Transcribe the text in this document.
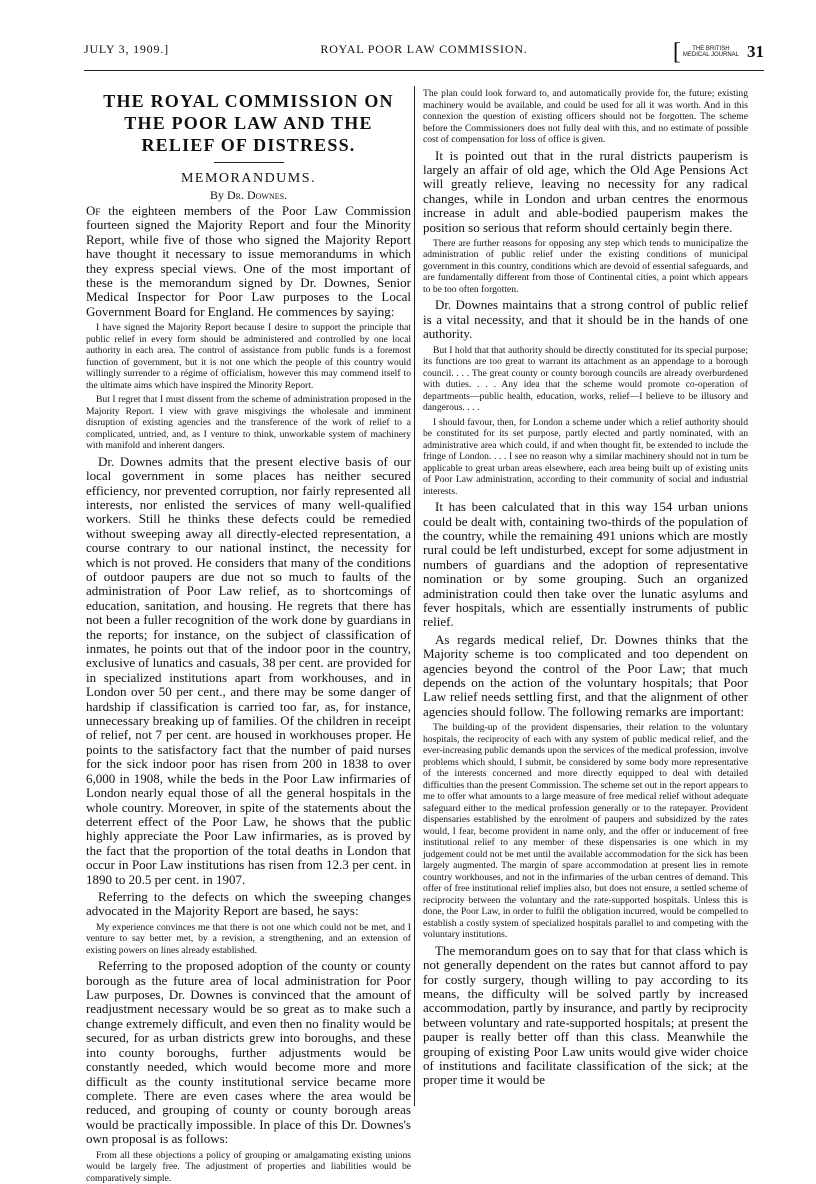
JULY 3, 1909.]	ROYAL POOR LAW COMMISSION.	[	THE BRITISH
MEDICAL JOURNAL 31
THE ROYAL COMMISSION ON THE POOR LAW AND THE RELIEF OF DISTRESS.
MEMORANDUMS.
By Dr. Downes.

Of the eighteen members of the Poor Law Commission fourteen signed the Majority Report and four the Minority Report, while five of those who signed the Majority Report have thought it necessary to issue memorandums in which they express special views. One of the most important of these is the memorandum signed by Dr. Downes, Senior Medical Inspector for Poor Law purposes to the Local Government Board for England. He commences by saying:

I have signed the Majority Report because I desire to support the principle that public relief in every form should be administered and controlled by one local authority in each area. The control of assistance from public funds is a foremost function of government, but it is not one which the people of this country would willingly surrender to a régime of officialism, however this may commend itself to the ultimate aims which have inspired the Minority Report.

But I regret that I must dissent from the scheme of administration proposed in the Majority Report. I view with grave misgivings the wholesale and imminent disruption of existing agencies and the transference of the work of relief to a complicated, untried, and, as I venture to think, unworkable system of machinery with manifold and inherent dangers.

Dr. Downes admits that the present elective basis of our local government in some places has neither secured efficiency, nor prevented corruption, nor fairly represented all interests, nor enlisted the services of many well-qualified workers. Still he thinks these defects could be remedied without sweeping away all directly-elected representation, a course contrary to our national instinct, the necessity for which is not proved. He considers that many of the conditions of outdoor paupers are due not so much to faults of the administration of Poor Law relief, as to shortcomings of education, sanitation, and housing. He regrets that there has not been a fuller recognition of the work done by guardians in the reports; for instance, on the subject of classification of inmates, he points out that of the indoor poor in the country, exclusive of lunatics and casuals, 38 per cent. are provided for in specialized institutions apart from workhouses, and in London over 50 per cent., and there may be some danger of hardship if classification is carried too far, as, for instance, unnecessary breaking up of families. Of the children in receipt of relief, not 7 per cent. are housed in workhouses proper. He points to the satisfactory fact that the number of paid nurses for the sick indoor poor has risen from 200 in 1838 to over 6,000 in 1908, while the beds in the Poor Law infirmaries of London nearly equal those of all the general hospitals in the whole country. Moreover, in spite of the statements about the deterrent effect of the Poor Law, he shows that the public highly appreciate the Poor Law infirmaries, as is proved by the fact that the proportion of the total deaths in London that occur in Poor Law institutions has risen from 12.3 per cent. in 1890 to 20.5 per cent. in 1907.

Referring to the defects on which the sweeping changes advocated in the Majority Report are based, he says:

My experience convinces me that there is not one which could not be met, and I venture to say better met, by a revision, a strengthening, and an extension of existing powers on lines already established.

Referring to the proposed adoption of the county or county borough as the future area of local administration for Poor Law purposes, Dr. Downes is convinced that the amount of readjustment necessary would be so great as to make such a change extremely difficult, and even then no finality would be secured, for as urban districts grew into boroughs, and these into county boroughs, further adjustments would be constantly needed, which would become more and more difficult as the county institutional service became more complete. There are even cases where the area would be reduced, and grouping of county or county borough areas would be practically impossible. In place of this Dr. Downes's own proposal is as follows:

From all these objections a policy of grouping or amalgamating existing unions would be largely free. The adjustment of properties and liabilities would be comparatively simple.

The plan could look forward to, and automatically provide for, the future; existing machinery would be available, and could be used for all it was worth. And in this connexion the question of existing officers should not be forgotten. The scheme before the Commissioners does not fully deal with this, and no estimate of possible cost of compensation for loss of office is given.

It is pointed out that in the rural districts pauperism is largely an affair of old age, which the Old Age Pensions Act will greatly relieve, leaving no necessity for any radical changes, while in London and urban centres the enormous increase in adult and able-bodied pauperism makes the position so serious that reform should certainly begin there.

There are further reasons for opposing any step which tends to municipalize the administration of public relief under the existing conditions of municipal government in this country, conditions which are devoid of essential safeguards, and are fundamentally different from those of Continental cities, a point which appears to be too often forgotten.

Dr. Downes maintains that a strong control of public relief is a vital necessity, and that it should be in the hands of one authority.

But I hold that that authority should be directly constituted for its special purpose; its functions are too great to warrant its attachment as an appendage to a borough council. . . . The great county or county borough councils are already overburdened with duties. . . . Any idea that the scheme would promote co-operation of departments—public health, education, works, relief—I believe to be illusory and dangerous. . . .

I should favour, then, for London a scheme under which a relief authority should be constituted for its set purpose, partly elected and partly nominated, with an administrative area which could, if and when thought fit, be extended to include the fringe of London. . . . I see no reason why a similar machinery should not in turn be applicable to great urban areas elsewhere, each area being built up of existing units of Poor Law administration, according to their community of social and industrial interests.

It has been calculated that in this way 154 urban unions could be dealt with, containing two-thirds of the population of the country, while the remaining 491 unions which are mostly rural could be left undisturbed, except for some adjustment in numbers of guardians and the adoption of representative nomination or by some grouping. Such an organized administration could then take over the lunatic asylums and fever hospitals, which are essentially instruments of public relief.

As regards medical relief, Dr. Downes thinks that the Majority scheme is too complicated and too dependent on agencies beyond the control of the Poor Law; that much depends on the action of the voluntary hospitals; that Poor Law relief needs settling first, and that the alignment of other agencies should follow. The following remarks are important:

The building-up of the provident dispensaries, their relation to the voluntary hospitals, the reciprocity of each with any system of public medical relief, and the ever-increasing public demands upon the services of the medical profession, involve problems which should, I submit, be considered by some body more representative of the interests concerned and more directly equipped to deal with detailed difficulties than the present Commission. The scheme set out in the report appears to me to offer what amounts to a large measure of free medical relief without adequate safeguard either to the medical profession generally or to the ratepayer. Provident dispensaries established by the enrolment of paupers and subsidized by the rates would, I fear, become provident in name only, and the offer or inducement of free institutional relief to any member of these dispensaries is one which in my judgement could not be met until the available accommodation for the sick has been largely augmented. The margin of spare accommodation at present lies in remote country workhouses, and not in the infirmaries of the urban centres of demand. This offer of free institutional relief implies also, but does not ensure, a settled scheme of reciprocity between the voluntary and the rate-supported hospitals. Unless this is done, the Poor Law, in order to fulfil the obligation incurred, would be compelled to establish a costly system of specialized hospitals parallel to and competing with the voluntary institutions.

The memorandum goes on to say that for that class which is not generally dependent on the rates but cannot afford to pay for costly surgery, though willing to pay according to its means, the difficulty will be solved partly by increased accommodation, partly by insurance, and partly by reciprocity between voluntary and rate-supported hospitals; at present the pauper is really better off than this class. Meanwhile the grouping of existing Poor Law units would give wider choice of institutions and facilitate classification of the sick; at the proper time it would be
